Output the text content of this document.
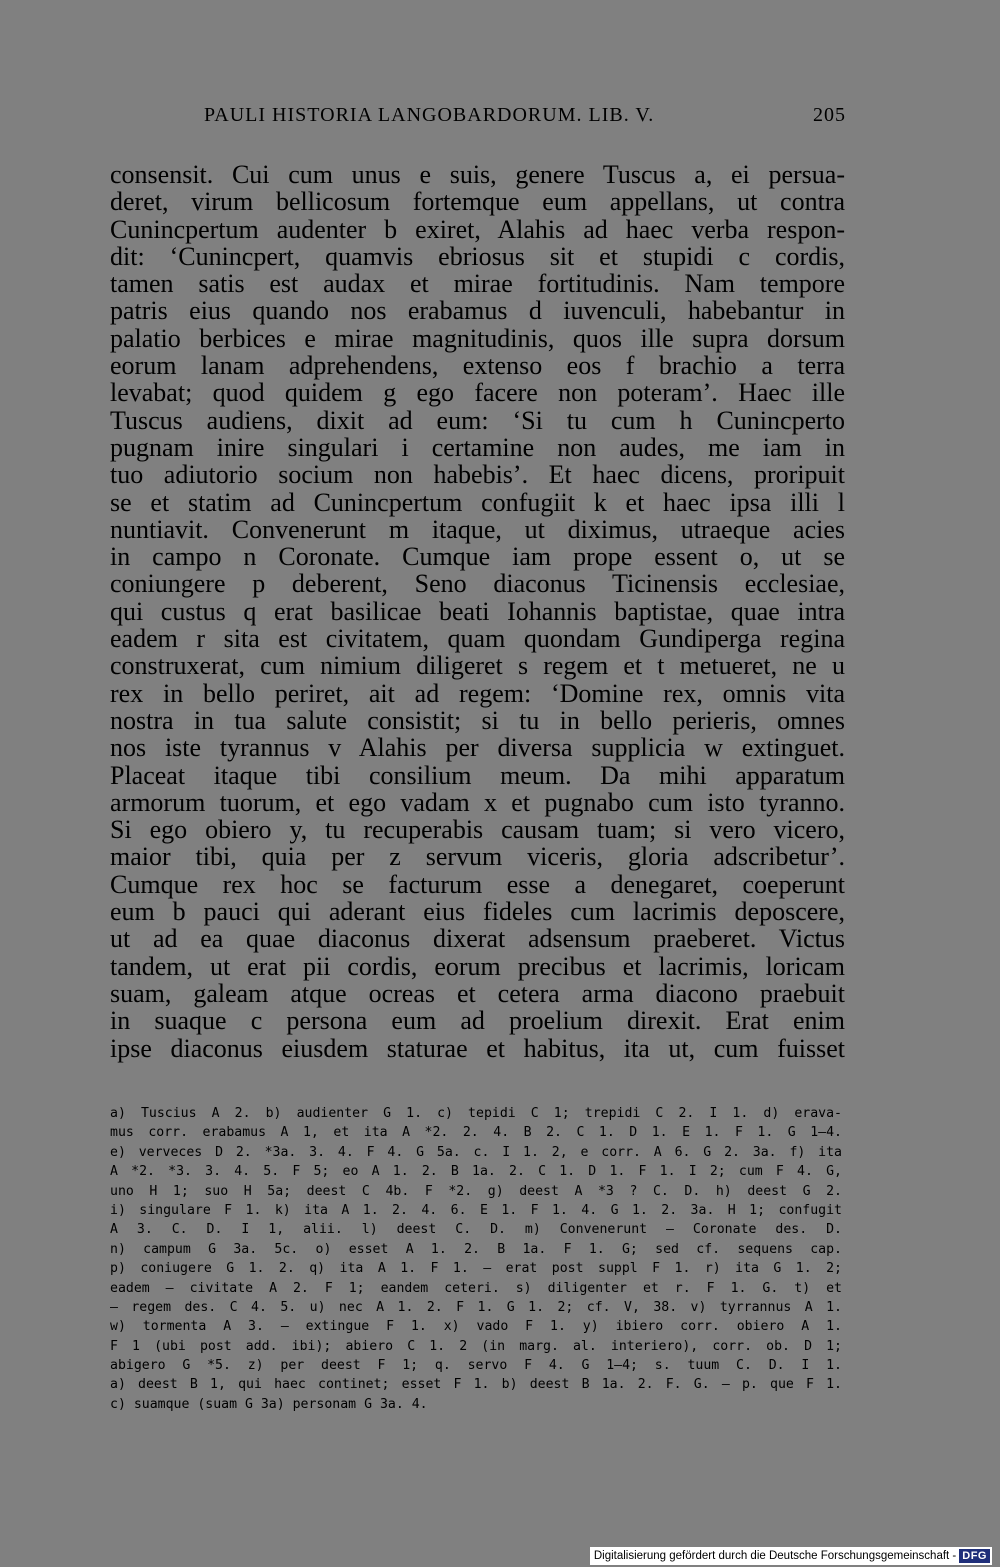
PAULI HISTORIA LANGOBARDORUM. LIB. V.	205
consensit. Cui cum unus e suis, genere Tuscus a, ei persua-
deret, virum bellicosum fortemque eum appellans, ut contra
Cunincpertum audenter b exiret, Alahis ad haec verba respon-
dit: ‘Cunincpert, quamvis ebriosus sit et stupidi c cordis,
tamen satis est audax et mirae fortitudinis. Nam tempore
patris eius quando nos erabamus d iuvenculi, habebantur in
palatio berbices e mirae magnitudinis, quos ille supra dorsum
eorum lanam adprehendens, extenso eos f brachio a terra
levabat; quod quidem g ego facere non poteram’. Haec ille
Tuscus audiens, dixit ad eum: ‘Si tu cum h Cunincperto
pugnam inire singulari i certamine non audes, me iam in
tuo adiutorio socium non habebis’. Et haec dicens, proripuit
se et statim ad Cunincpertum confugiit k et haec ipsa illi l
nuntiavit. Convenerunt m itaque, ut diximus, utraeque acies
in campo n Coronate. Cumque iam prope essent o, ut se
coniungere p deberent, Seno diaconus Ticinensis ecclesiae,
qui custus q erat basilicae beati Iohannis baptistae, quae intra
eadem r sita est civitatem, quam quondam Gundiperga regina
construxerat, cum nimium diligeret s regem et t metueret, ne u
rex in bello periret, ait ad regem: ‘Domine rex, omnis vita
nostra in tua salute consistit; si tu in bello perieris, omnes
nos iste tyrannus v Alahis per diversa supplicia w extinguet.
Placeat itaque tibi consilium meum. Da mihi apparatum
armorum tuorum, et ego vadam x et pugnabo cum isto tyranno.
Si ego obiero y, tu recuperabis causam tuam; si vero vicero,
maior tibi, quia per z servum viceris, gloria adscribetur’.
Cumque rex hoc se facturum esse a denegaret, coeperunt
eum b pauci qui aderant eius fideles cum lacrimis deposcere,
ut ad ea quae diaconus dixerat adsensum praeberet. Victus
tandem, ut erat pii cordis, eorum precibus et lacrimis, loricam
suam, galeam atque ocreas et cetera arma diacono praebuit
in suaque c persona eum ad proelium direxit. Erat enim
ipse diaconus eiusdem staturae et habitus, ita ut, cum fuisset
a) Tuscius A 2. b) audienter G 1. c) tepidi C 1; trepidi C 2. I 1. d) erava-
mus corr. erabamus A 1, et ita A *2. 2. 4. B 2. C 1. D 1. E 1. F 1. G 1—4.
e) verveces D 2. *3a. 3. 4. F 4. G 5a. c. I 1. 2, e corr. A 6. G 2. 3a. f) ita
A *2. *3. 3. 4. 5. F 5; eo A 1. 2. B 1a. 2. C 1. D 1. F 1. I 2; cum F 4. G,
uno H 1; suo H 5a; deest C 4b. F *2. g) deest A *3 ? C. D. h) deest G 2.
i) singulare F 1. k) ita A 1. 2. 4. 6. E 1. F 1. 4. G 1. 2. 3a. H 1; confugit
A 3. C. D. I 1, alii. l) deest C. D. m) Convenerunt — Coronate des. D.
n) campum G 3a. 5c. o) esset A 1. 2. B 1a. F 1. G; sed cf. sequens cap.
p) coniugere G 1. 2. q) ita A 1. F 1. — erat post suppl F 1. r) ita G 1. 2;
eadem — civitate A 2. F 1; eandem ceteri. s) diligenter et r. F 1. G. t) et
— regem des. C 4. 5. u) nec A 1. 2. F 1. G 1. 2; cf. V, 38. v) tyrrannus A 1.
w) tormenta A 3. — extingue F 1. x) vado F 1. y) ibiero corr. obiero A 1.
F 1 (ubi post add. ibi); abiero C 1. 2 (in marg. al. interiero), corr. ob. D 1;
abigero G *5. z) per deest F 1; q. servo F 4. G 1—4; s. tuum C. D. I 1.
a) deest B 1, qui haec continet; esset F 1. b) deest B 1a. 2. F. G. — p. que F 1.
c) suamque (suam G 3a) personam G 3a. 4.
Digitalisierung gefördert durch die Deutsche Forschungsgemeinschaft - DFG
